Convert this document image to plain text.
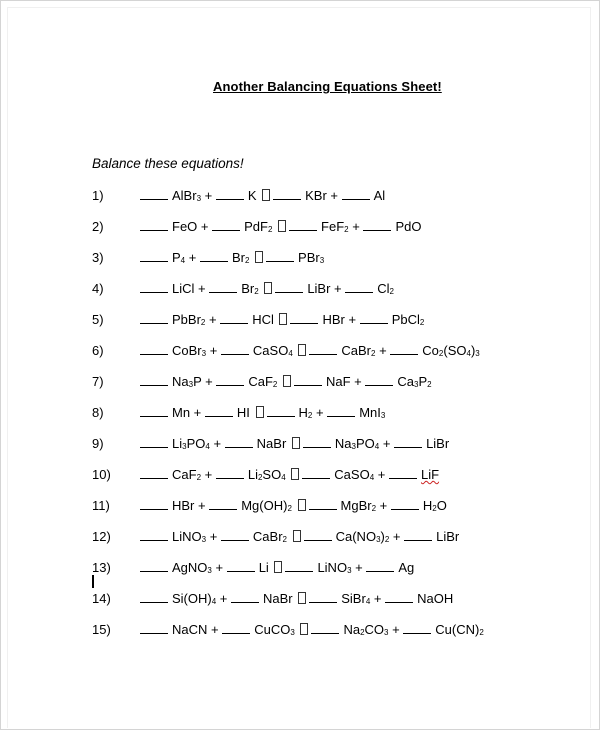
Another Balancing Equations Sheet!
Balance these equations!
1)	AlBr$_3$ + K	KBr + Al
2)	FeO + PdF$_2$	FeF$_2$ + PdO
3)	$P_4 + Br_2$	PBr$_3$
4)	LiCl + $Br_2$	LiBr + $Cl_2$
5)	PbBr$_2$ + HCl	HBr + PbCl$_2$
6)	CoBr$_3$ + CaSO$_4$	CaBr$_2$ + $Co_2(SO_4)_3$
7)	$Na_3P + CaF_2$	NaF + $Ca_3P_2$
8)	Mn + HI	$H_2 + MnI_3$
9)	$Li_3PO_4$ + NaBr	$Na_3PO_4$ + LiBr
10)	$CaF_2 + Li_2SO_4$	CaSO$_4$ + LiF
11)	HBr + $Mg(OH)_2$	MgBr$_2$ + $H_2O$
12)	LiNO$_3$ + CaBr$_2$	$Ca(NO_3)_2$ + LiBr
13)	AgNO$_3$ + Li	LiNO$_3$ + Ag
14)	$Si(OH)_4$ + NaBr	SiBr$_4$ + NaOH
15)	NaCN + CuCO$_3$	$Na_2CO_3 + Cu(CN)_2$
